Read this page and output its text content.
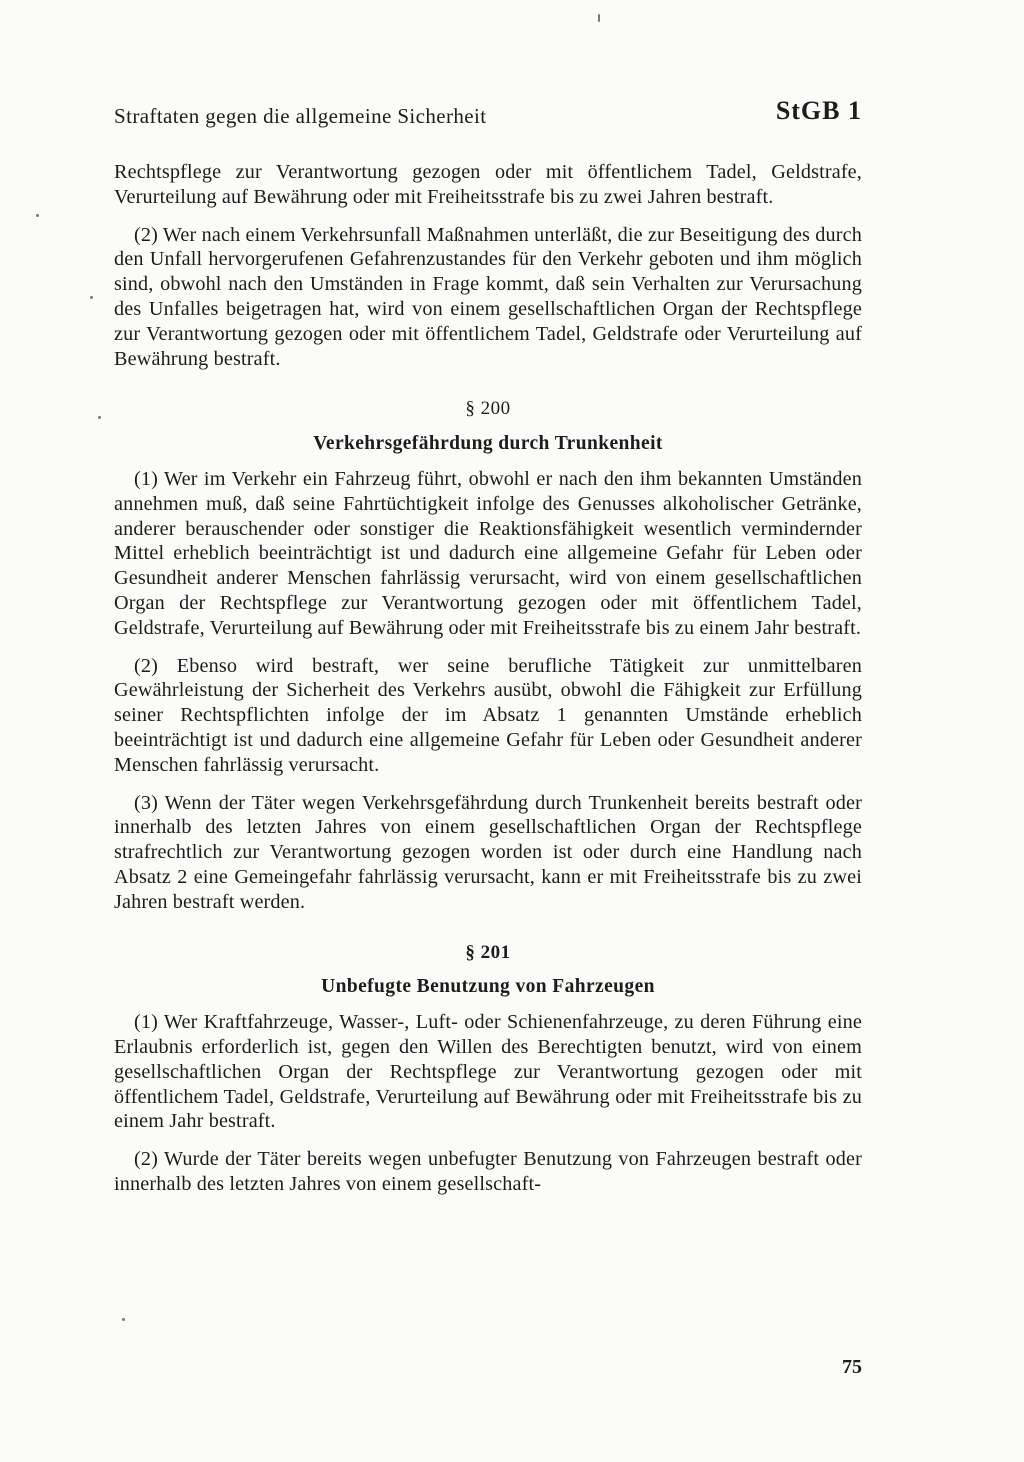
Straftaten gegen die allgemeine Sicherheit	StGB 1

Rechtspflege zur Verantwortung gezogen oder mit öffentlichem Tadel, Geldstrafe, Verurteilung auf Bewährung oder mit Freiheitsstrafe bis zu zwei Jahren bestraft.

(2) Wer nach einem Verkehrsunfall Maßnahmen unterläßt, die zur Beseitigung des durch den Unfall hervorgerufenen Gefahrenzustandes für den Verkehr geboten und ihm möglich sind, obwohl nach den Umständen in Frage kommt, daß sein Verhalten zur Verursachung des Unfalles beigetragen hat, wird von einem gesellschaftlichen Organ der Rechtspflege zur Verantwortung gezogen oder mit öffentlichem Tadel, Geldstrafe oder Verurteilung auf Bewährung bestraft.

§ 200
Verkehrsgefährdung durch Trunkenheit

(1) Wer im Verkehr ein Fahrzeug führt, obwohl er nach den ihm bekannten Umständen annehmen muß, daß seine Fahrtüchtigkeit infolge des Genusses alkoholischer Getränke, anderer berauschender oder sonstiger die Reaktionsfähigkeit wesentlich vermindernder Mittel erheblich beeinträchtigt ist und dadurch eine allgemeine Gefahr für Leben oder Gesundheit anderer Menschen fahrlässig verursacht, wird von einem gesellschaftlichen Organ der Rechtspflege zur Verantwortung gezogen oder mit öffentlichem Tadel, Geldstrafe, Verurteilung auf Bewährung oder mit Freiheitsstrafe bis zu einem Jahr bestraft.

(2) Ebenso wird bestraft, wer seine berufliche Tätigkeit zur unmittelbaren Gewährleistung der Sicherheit des Verkehrs ausübt, obwohl die Fähigkeit zur Erfüllung seiner Rechtspflichten infolge der im Absatz 1 genannten Umstände erheblich beeinträchtigt ist und dadurch eine allgemeine Gefahr für Leben oder Gesundheit anderer Menschen fahrlässig verursacht.

(3) Wenn der Täter wegen Verkehrsgefährdung durch Trunkenheit bereits bestraft oder innerhalb des letzten Jahres von einem gesellschaftlichen Organ der Rechtspflege strafrechtlich zur Verantwortung gezogen worden ist oder durch eine Handlung nach Absatz 2 eine Gemeingefahr fahrlässig verursacht, kann er mit Freiheitsstrafe bis zu zwei Jahren bestraft werden.

§ 201
Unbefugte Benutzung von Fahrzeugen

(1) Wer Kraftfahrzeuge, Wasser-, Luft- oder Schienenfahrzeuge, zu deren Führung eine Erlaubnis erforderlich ist, gegen den Willen des Berechtigten benutzt, wird von einem gesellschaftlichen Organ der Rechtspflege zur Verantwortung gezogen oder mit öffentlichem Tadel, Geldstrafe, Verurteilung auf Bewährung oder mit Freiheitsstrafe bis zu einem Jahr bestraft.

(2) Wurde der Täter bereits wegen unbefugter Benutzung von Fahrzeugen bestraft oder innerhalb des letzten Jahres von einem gesellschaft-

75
